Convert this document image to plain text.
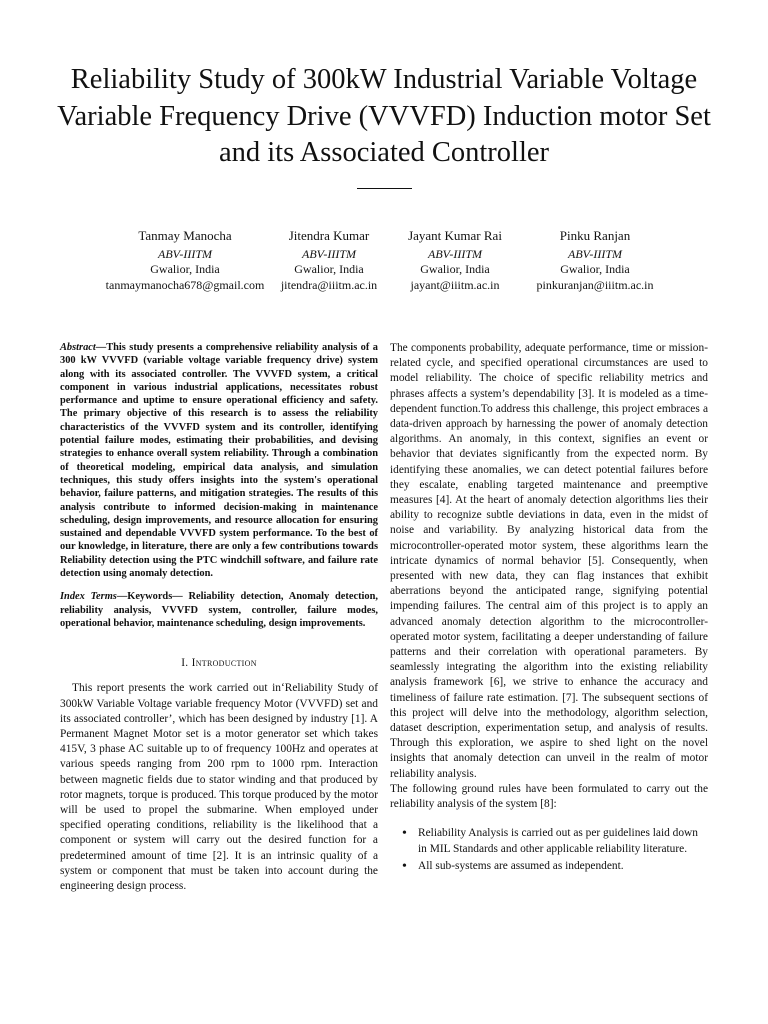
Reliability Study of 300kW Industrial Variable Voltage Variable Frequency Drive (VVVFD) Induction motor Set and its Associated Controller
Tanmay Manocha
ABV-IIITM
Gwalior, India
tanmaymanocha678@gmail.com
Jitendra Kumar
ABV-IIITM
Gwalior, India
jitendra@iiitm.ac.in
Jayant Kumar Rai
ABV-IIITM
Gwalior, India
jayant@iiitm.ac.in
Pinku Ranjan
ABV-IIITM
Gwalior, India
pinkuranjan@iiitm.ac.in

Abstract—This study presents a comprehensive reliability analysis of a 300 kW VVVFD (variable voltage variable frequency drive) system along with its associated controller. The VVVFD system, a critical component in various industrial applications, necessitates robust performance and uptime to ensure operational efficiency and safety. The primary objective of this research is to assess the reliability characteristics of the VVVFD system and its controller, identifying potential failure modes, estimating their probabilities, and devising strategies to enhance overall system reliability. Through a combination of theoretical modeling, empirical data analysis, and simulation techniques, this study offers insights into the system's operational behavior, failure patterns, and mitigation strategies. The results of this analysis contribute to informed decision-making in maintenance scheduling, design improvements, and resource allocation for ensuring sustained and dependable VVVFD system performance. To the best of our knowledge, in literature, there are only a few contributions towards Reliability detection using the PTC windchill software, and failure rate detection using anomaly detection.

Index Terms—Keywords— Reliability detection, Anomaly detection, reliability analysis, VVVFD system, controller, failure modes, operational behavior, maintenance scheduling, design improvements.

I. Introduction

This report presents the work carried out in‘Reliability Study of 300kW Variable Voltage variable frequency Motor (VVVFD) set and its associated controller’, which has been designed by industry [1]. A Permanent Magnet Motor set is a motor generator set which takes 415V, 3 phase AC suitable up to of frequency 100Hz and operates at various speeds ranging from 200 rpm to 1000 rpm. Interaction between magnetic fields due to stator winding and that produced by rotor magnets, torque is produced. This torque produced by the motor will be used to propel the submarine. When employed under specified operating conditions, reliability is the likelihood that a component or system will carry out the desired function for a predetermined amount of time [2]. It is an intrinsic quality of a system or component that must be taken into account during the engineering design process.

The components probability, adequate performance, time or mission-related cycle, and specified operational circumstances are used to model reliability. The choice of specific reliability metrics and phrases affects a system’s dependability [3]. It is modeled as a time-dependent function.To address this challenge, this project embraces a data-driven approach by harnessing the power of anomaly detection algorithms. An anomaly, in this context, signifies an event or behavior that deviates significantly from the expected norm. By identifying these anomalies, we can detect potential failures before they escalate, enabling targeted maintenance and preemptive measures [4]. At the heart of anomaly detection algorithms lies their ability to recognize subtle deviations in data, even in the midst of noise and variability. By analyzing historical data from the microcontroller-operated motor system, these algorithms learn the intricate dynamics of normal behavior [5]. Consequently, when presented with new data, they can flag instances that exhibit aberrations beyond the anticipated range, signifying potential impending failures. The central aim of this project is to apply an advanced anomaly detection algorithm to the microcontroller-operated motor system, facilitating a deeper understanding of failure patterns and their correlation with operational parameters. By seamlessly integrating the algorithm into the existing reliability analysis framework [6], we strive to enhance the accuracy and timeliness of failure rate estimation. [7]. The subsequent sections of this project will delve into the methodology, algorithm selection, dataset description, experimentation setup, and analysis of results. Through this exploration, we aspire to shed light on the novel insights that anomaly detection can unveil in the realm of motor reliability analysis.

The following ground rules have been formulated to carry out the reliability analysis of the system [8]:

• Reliability Analysis is carried out as per guidelines laid down in MIL Standards and other applicable reliability literature.
• All sub-systems are assumed as independent.
